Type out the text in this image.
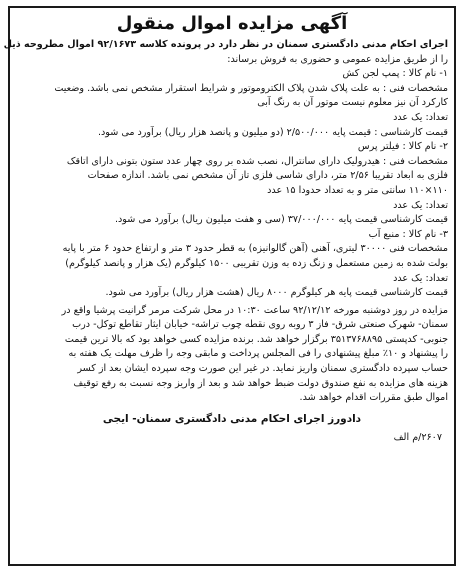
آگهی مزایده اموال منقول
اجرای احکام مدنی دادگستری سمنان در نظر دارد در پرونده کلاسه ۹۲/۱۶۷۳ اموال مطروحه ذیل
را از طریق مزایده عمومی و حضوری به فروش برساند:
۱- نام کالا : پمپ لجن کش
مشخصات فنی : به علت پلاک شدن پلاک الکتروموتور و شرایط استقرار مشخص نمی باشد. وضعیت
کارکرد آن نیز معلوم نیست موتور آن به رنگ آبی
تعداد: یک عدد
قیمت کارشناسی : قیمت پایه ۲/۵۰۰/۰۰۰ (دو میلیون و پانصد هزار ریال) برآورد می شود.
۲- نام کالا : فیلتر پرس
مشخصات فنی : هیدرولیک دارای سانترال، نصب شده بر روی چهار عدد ستون بتونی دارای اتاقک
فلزی به ابعاد تقریبا ۲/۵۶ متر، دارای شاسی فلزی تاز آن مشخص نمی باشد. اندازه صفحات
۱۱۰×۱۱۰ سانتی متر و به تعداد حدودا ۱۵ عدد
تعداد: یک عدد
قیمت کارشناسی قیمت پایه ۳۷/۰۰۰/۰۰۰ (سی و هفت میلیون ریال) برآورد می شود.
۳- نام کالا : منبع آب
مشخصات فنی ۳۰۰۰۰ لیتری، آهنی (آهن گالوانیزه) به قطر حدود ۳ متر و ارتفاع حدود ۶ متر با پایه
بولت شده به زمین مستعمل و زنگ زده به وزن تقریبی ۱۵۰۰ کیلوگرم (یک هزار و پانصد کیلوگرم)
تعداد: یک عدد
قیمت کارشناسی قیمت پایه هر کیلوگرم ۸۰۰۰ ریال (هشت هزار ریال) برآورد می شود.
مزایده در روز دوشنبه مورخه ۹۲/۱۲/۱۲ ساعت ۱۰:۳۰ در محل شرکت مرمر گرانیت پرشیا واقع در
سمنان- شهرک صنعتی شرق- فاز ۳ روبه روی نقطه چوب تراشه- خیابان ایثار تقاطع توکل- درب
جنوبی- کدپستی ۳۵۱۳۷۶۸۸۹۵ برگزار خواهد شد. برنده مزایده کسی خواهد بود که بالا ترین قیمت
را پیشنهاد و ۱۰٪ مبلغ پیشنهادی را فی المجلس پرداخت و مابقی وجه را ظرف مهلت یک هفته به
حساب سپرده دادگستری سمنان واریز نماید. در غیر این صورت وجه سپرده ایشان بعد از کسر
هزینه های مزایده به نفع صندوق دولت ضبط خواهد شد و بعد از واریز وجه نسبت به رفع توقیف
اموال طبق مقررات اقدام خواهد شد.
دادورز اجرای احکام مدنی دادگستری سمنان- ایجی
۲۶۰۷/م الف
